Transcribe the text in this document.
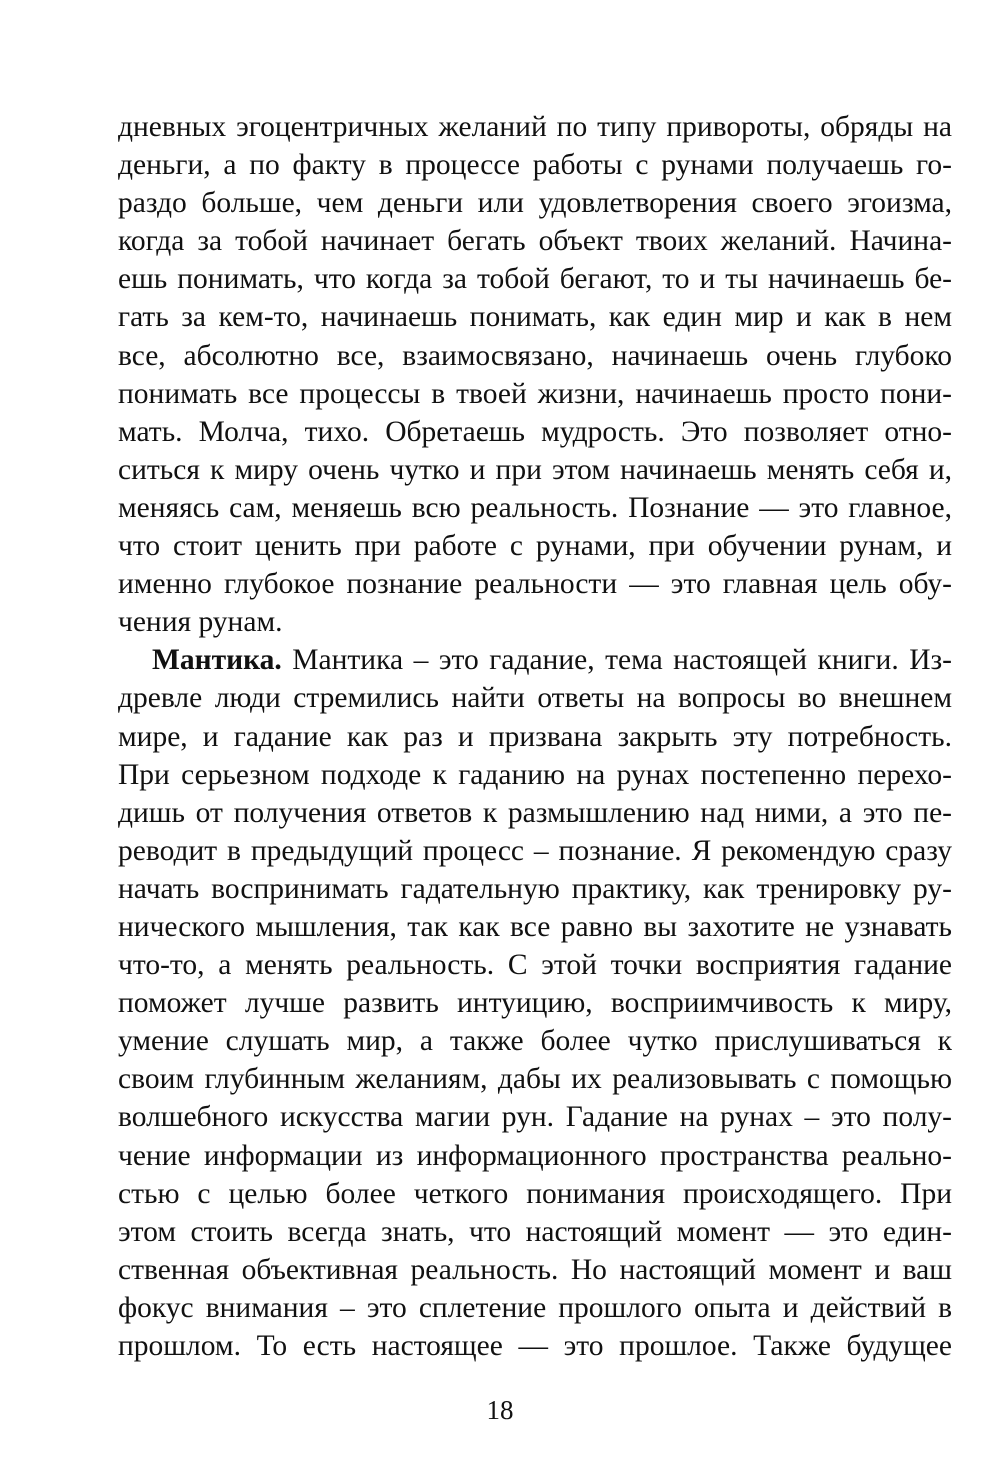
дневных эгоцентричных желаний по типу привороты, обряды на
деньги, а по факту в процессе работы с рунами получаешь го-
раздо больше, чем деньги или удовлетворения своего эгоизма,
когда за тобой начинает бегать объект твоих желаний. Начина-
ешь понимать, что когда за тобой бегают, то и ты начинаешь бе-
гать за кем-то, начинаешь понимать, как един мир и как в нем
все, абсолютно все, взаимосвязано, начинаешь очень глубоко
понимать все процессы в твоей жизни, начинаешь просто пони-
мать. Молча, тихо. Обретаешь мудрость. Это позволяет отно-
ситься к миру очень чутко и при этом начинаешь менять себя и,
меняясь сам, меняешь всю реальность. Познание — это главное,
что стоит ценить при работе с рунами, при обучении рунам, и
именно глубокое познание реальности — это главная цель обу-
чения рунам.
Мантика. Мантика – это гадание, тема настоящей книги. Из-
древле люди стремились найти ответы на вопросы во внешнем
мире, и гадание как раз и призвана закрыть эту потребность.
При серьезном подходе к гаданию на рунах постепенно перехо-
дишь от получения ответов к размышлению над ними, а это пе-
реводит в предыдущий процесс – познание. Я рекомендую сразу
начать воспринимать гадательную практику, как тренировку ру-
нического мышления, так как все равно вы захотите не узнавать
что-то, а менять реальность. С этой точки восприятия гадание
поможет лучше развить интуицию, восприимчивость к миру,
умение слушать мир, а также более чутко прислушиваться к
своим глубинным желаниям, дабы их реализовывать с помощью
волшебного искусства магии рун. Гадание на рунах – это полу-
чение информации из информационного пространства реально-
стью с целью более четкого понимания происходящего. При
этом стоить всегда знать, что настоящий момент — это един-
ственная объективная реальность. Но настоящий момент и ваш
фокус внимания – это сплетение прошлого опыта и действий в
прошлом. То есть настоящее — это прошлое. Также будущее
18
